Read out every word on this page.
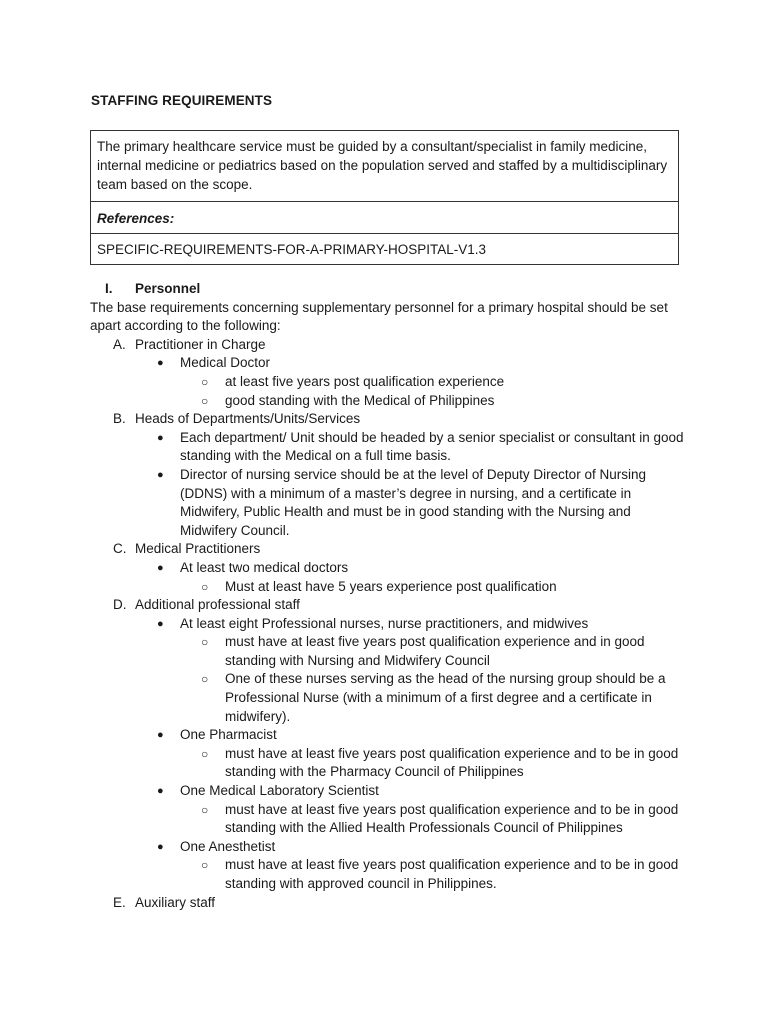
STAFFING REQUIREMENTS
The primary healthcare service must be guided by a consultant/specialist in family medicine, internal medicine or pediatrics based on the population served and staffed by a multidisciplinary team based on the scope.
References:
SPECIFIC-REQUIREMENTS-FOR-A-PRIMARY-HOSPITAL-V1.3
I. Personnel
The base requirements concerning supplementary personnel for a primary hospital should be set apart according to the following:
A. Practitioner in Charge
●	Medical Doctor
○	at least five years post qualification experience
○	good standing with the Medical of Philippines
B. Heads of Departments/Units/Services
●	Each department/ Unit should be headed by a senior specialist or consultant in good standing with the Medical on a full time basis.
●	Director of nursing service should be at the level of Deputy Director of Nursing (DDNS) with a minimum of a master’s degree in nursing, and a certificate in Midwifery, Public Health and must be in good standing with the Nursing and Midwifery Council.
C. Medical Practitioners
●	At least two medical doctors
○	Must at least have 5 years experience post qualification
D. Additional professional staff
●	At least eight Professional nurses, nurse practitioners, and midwives
○	must have at least five years post qualification experience and in good standing with Nursing and Midwifery Council
○	One of these nurses serving as the head of the nursing group should be a Professional Nurse (with a minimum of a first degree and a certificate in midwifery).
●	One Pharmacist
○	must have at least five years post qualification experience and to be in good standing with the Pharmacy Council of Philippines
●	One Medical Laboratory Scientist
○	must have at least five years post qualification experience and to be in good standing with the Allied Health Professionals Council of Philippines
●	One Anesthetist
○	must have at least five years post qualification experience and to be in good standing with approved council in Philippines.
E. Auxiliary staff
